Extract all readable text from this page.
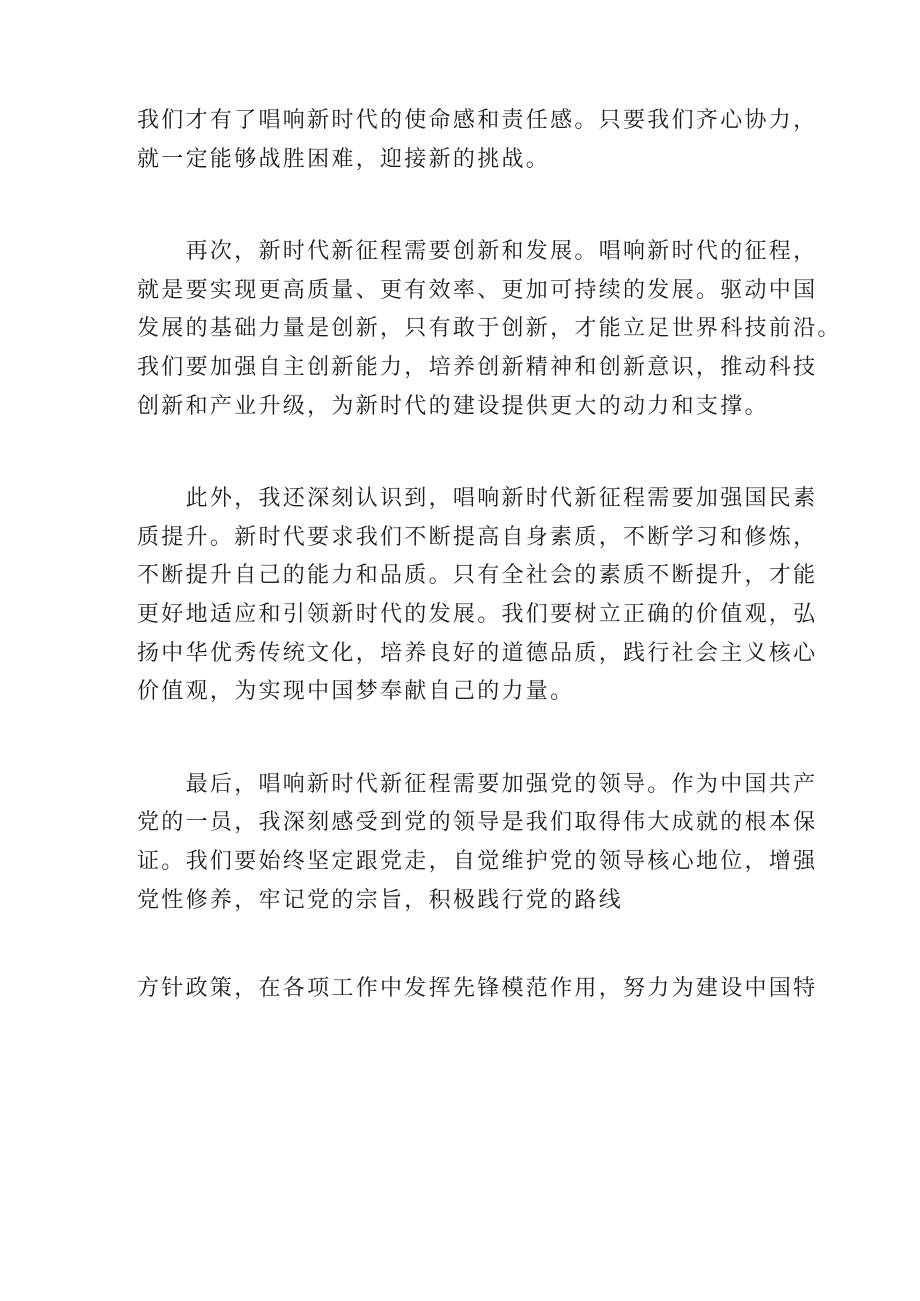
我们才有了唱响新时代的使命感和责任感。只要我们齐心协力，
就一定能够战胜困难，迎接新的挑战。

　　再次，新时代新征程需要创新和发展。唱响新时代的征程，
就是要实现更高质量、更有效率、更加可持续的发展。驱动中国
发展的基础力量是创新，只有敢于创新，才能立足世界科技前沿。
我们要加强自主创新能力，培养创新精神和创新意识，推动科技
创新和产业升级，为新时代的建设提供更大的动力和支撑。

　　此外，我还深刻认识到，唱响新时代新征程需要加强国民素
质提升。新时代要求我们不断提高自身素质，不断学习和修炼，
不断提升自己的能力和品质。只有全社会的素质不断提升，才能
更好地适应和引领新时代的发展。我们要树立正确的价值观，弘
扬中华优秀传统文化，培养良好的道德品质，践行社会主义核心
价值观，为实现中国梦奉献自己的力量。

　　最后，唱响新时代新征程需要加强党的领导。作为中国共产
党的一员，我深刻感受到党的领导是我们取得伟大成就的根本保
证。我们要始终坚定跟党走，自觉维护党的领导核心地位，增强
党性修养，牢记党的宗旨，积极践行党的路线

方针政策，在各项工作中发挥先锋模范作用，努力为建设中国特
